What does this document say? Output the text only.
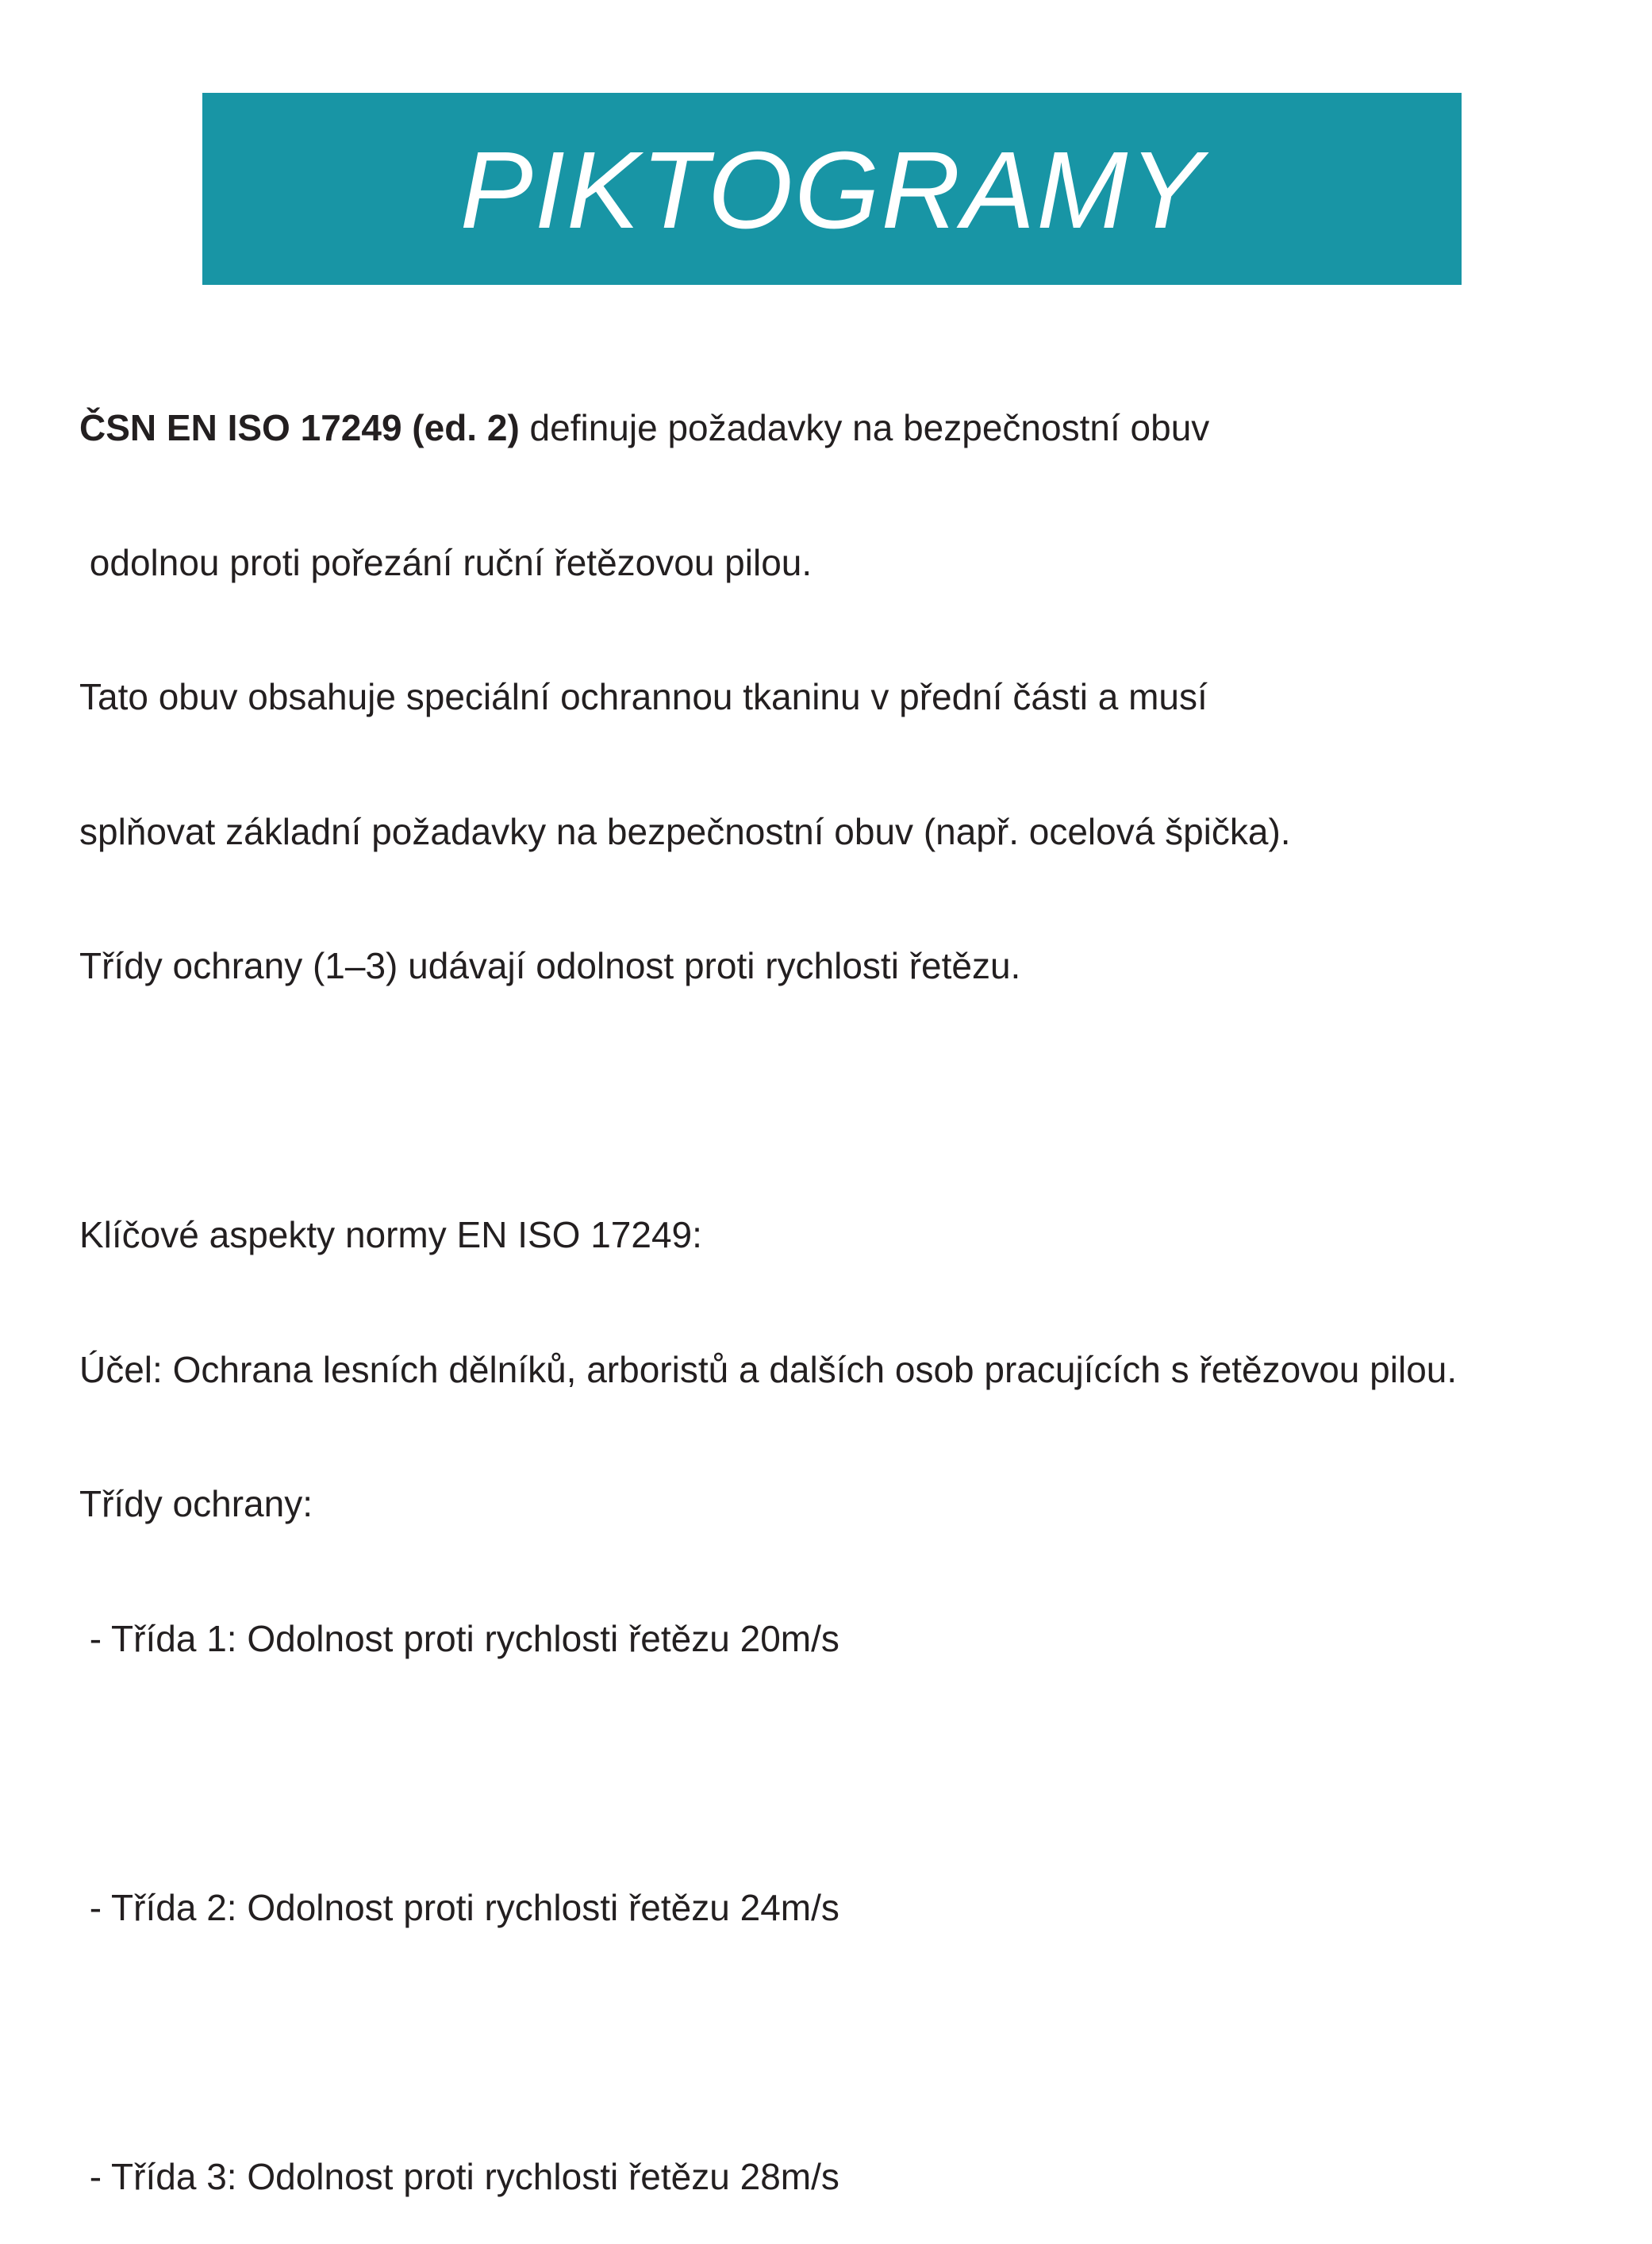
PIKTOGRAMY

ČSN EN ISO 17249 (ed. 2) definuje požadavky na bezpečnostní obuv

odolnou proti pořezání ruční řetězovou pilou.

Tato obuv obsahuje speciální ochrannou tkaninu v přední části a musí

splňovat základní požadavky na bezpečnostní obuv (např. ocelová špička).

Třídy ochrany (1–3) udávají odolnost proti rychlosti řetězu.

Klíčové aspekty normy EN ISO 17249:

Účel: Ochrana lesních dělníků, arboristů a dalších osob pracujících s řetězovou pilou.

Třídy ochrany:

- Třída 1: Odolnost proti rychlosti řetězu 20m/s

- Třída 2: Odolnost proti rychlosti řetězu 24m/s

- Třída 3: Odolnost proti rychlosti řetězu 28m/s
